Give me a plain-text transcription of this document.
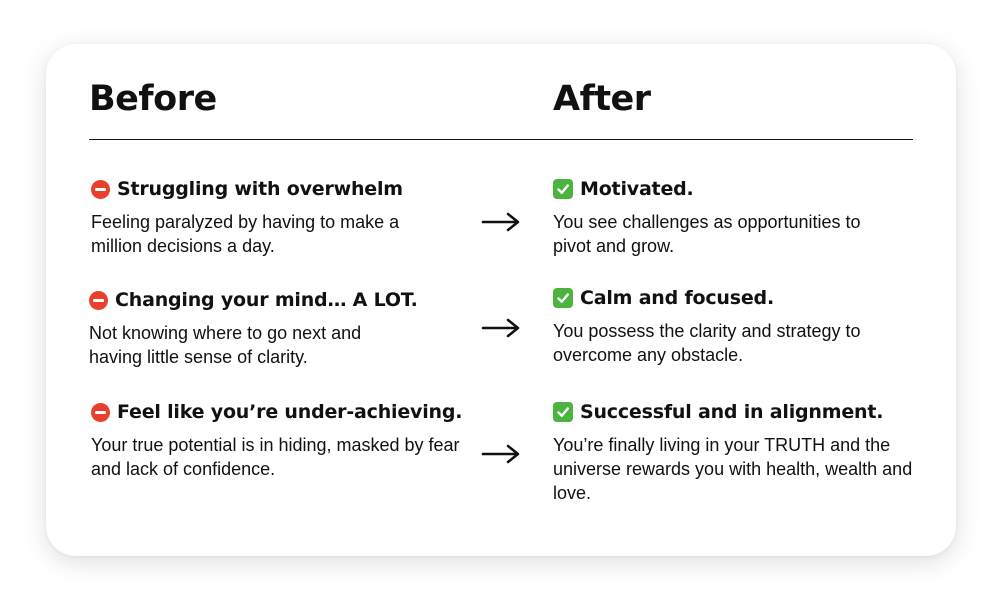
Before	After
Struggling with overwhelm
Feeling paralyzed by having to make a million decisions a day.
Motivated.
You see challenges as opportunities to pivot and grow.
Changing your mind… A LOT.
Not knowing where to go next and having little sense of clarity.
Calm and focused.
You possess the clarity and strategy to overcome any obstacle.
Feel like you’re under-achieving.
Your true potential is in hiding, masked by fear and lack of confidence.
Successful and in alignment.
You’re finally living in your TRUTH and the universe rewards you with health, wealth and love.
